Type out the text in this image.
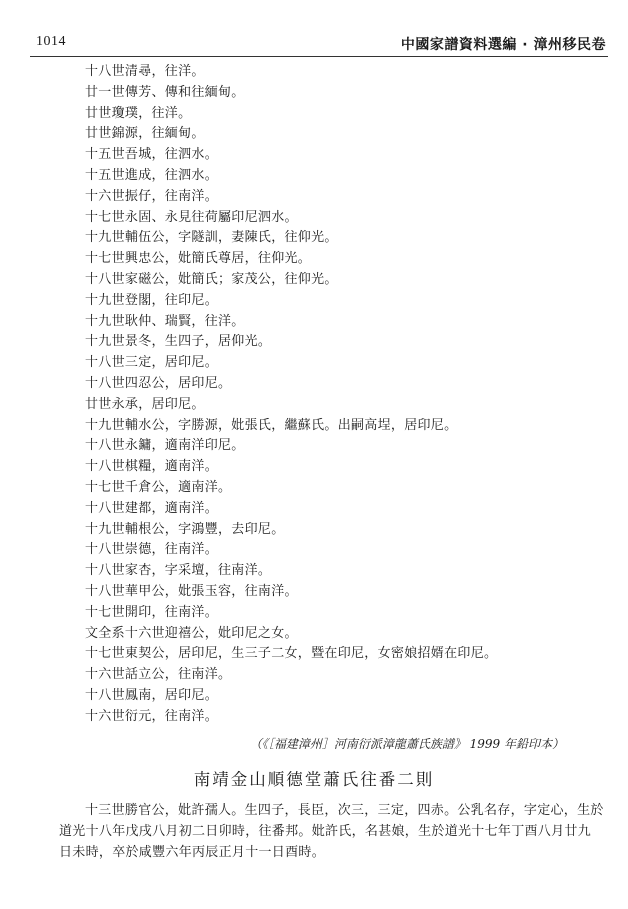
1014	中國家譜資料選編 · 漳州移民卷
十八世清尋，往洋。
廿一世傳芳、傳和往緬甸。
廿世瓊璞，往洋。
廿世錦源，往緬甸。
十五世吾城，往泗水。
十五世進成，往泗水。
十六世振仔，往南洋。
十七世永固、永見往荷屬印尼泗水。
十九世輔伍公，字隧訓，妻陳氏，往仰光。
十七世興忠公，妣簡氏尊居，往仰光。
十八世家磁公，妣簡氏；家茂公，往仰光。
十九世登閣，往印尼。
十九世耿仲、瑞賢，往洋。
十九世景冬，生四子，居仰光。
十八世三定，居印尼。
十八世四忍公，居印尼。
廿世永承，居印尼。
十九世輔水公，字勝源，妣張氏，繼蘇氏。出嗣高埕，居印尼。
十八世永鏞，適南洋印尼。
十八世棋糧，適南洋。
十七世千倉公，適南洋。
十八世建都，適南洋。
十九世輔根公，字鴻豐，去印尼。
十八世崇德，往南洋。
十八世家杏，字采壇，往南洋。
十八世華甲公，妣張玉容，往南洋。
十七世開印，往南洋。
文全系十六世迎禧公，妣印尼之女。
十七世東契公，居印尼，生三子二女，暨在印尼，女密娘招婿在印尼。
十六世話立公，往南洋。
十八世鳳南，居印尼。
十六世衍元，往南洋。
（《［福建漳州］河南衍派漳龍蕭氏族譜》 1999 年鉛印本）
南靖金山順德堂蕭氏往番二則

十三世勝官公，妣許孺人。生四子，長臣，次三，三定，四赤。公乳名存，字定心，生於道光十八年戊戌八月初二日卯時，往番邦。妣許氏，名甚娘，生於道光十七年丁酉八月廿九日未時，卒於咸豐六年丙辰正月十一日酉時。
